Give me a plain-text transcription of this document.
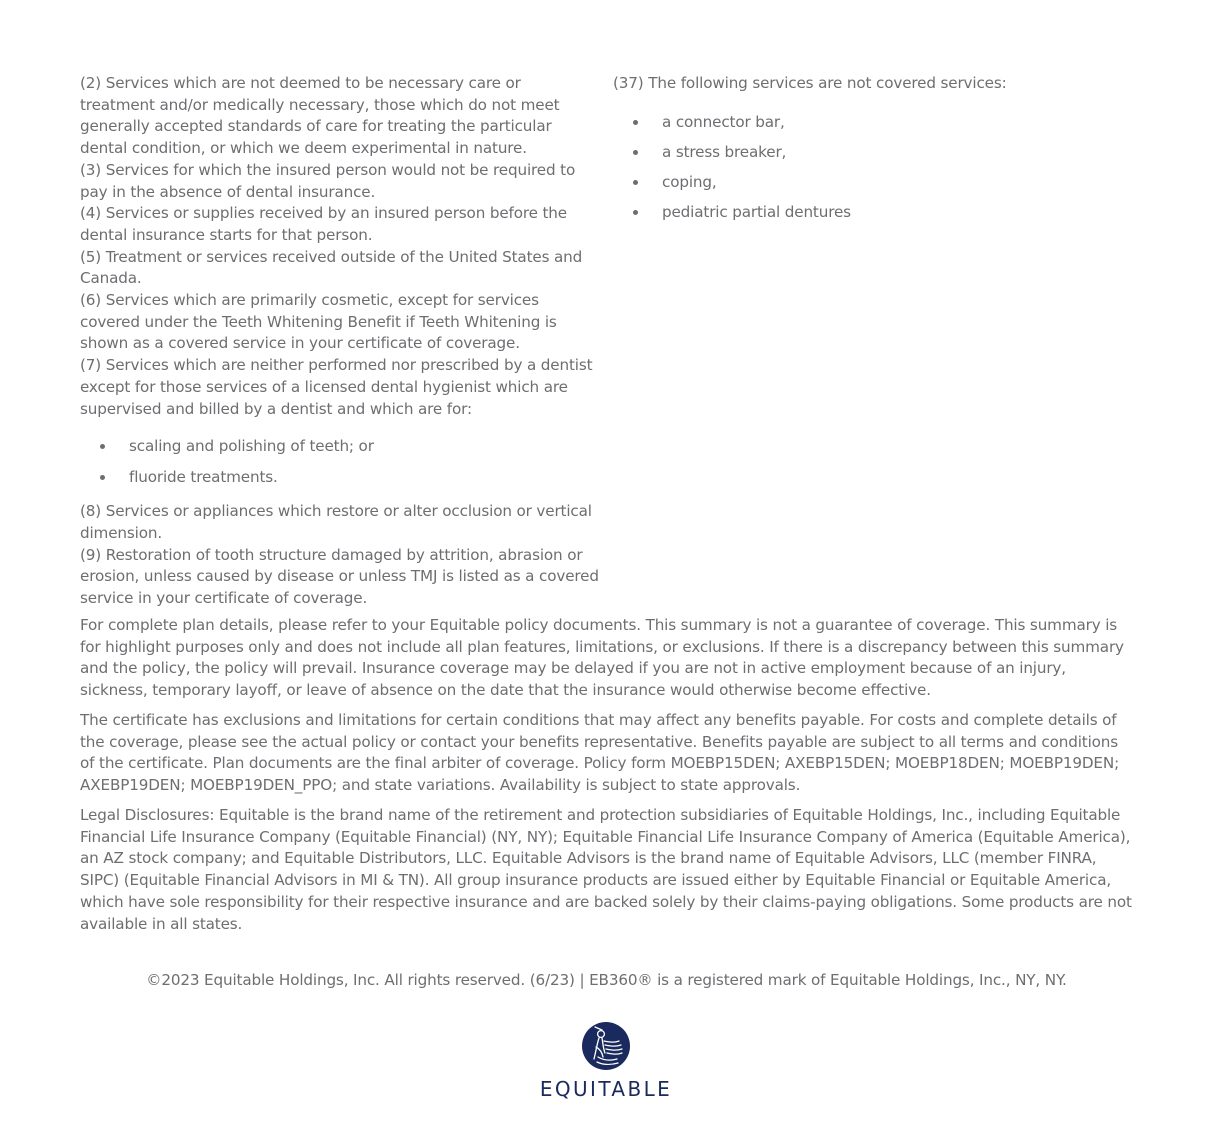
(2) Services which are not deemed to be necessary care or treatment and/or medically necessary, those which do not meet generally accepted standards of care for treating the particular dental condition, or which we deem experimental in nature.

(3) Services for which the insured person would not be required to pay in the absence of dental insurance.

(4) Services or supplies received by an insured person before the dental insurance starts for that person.

(5) Treatment or services received outside of the United States and Canada.

(6) Services which are primarily cosmetic, except for services covered under the Teeth Whitening Benefit if Teeth Whitening is shown as a covered service in your certificate of coverage.

(7) Services which are neither performed nor prescribed by a dentist except for those services of a licensed dental hygienist which are supervised and billed by a dentist and which are for:

scaling and polishing of teeth; or
fluoride treatments.

(8) Services or appliances which restore or alter occlusion or vertical dimension.

(9) Restoration of tooth structure damaged by attrition, abrasion or erosion, unless caused by disease or unless TMJ is listed as a covered service in your certificate of coverage.

(37) The following services are not covered services:

a connector bar,
a stress breaker,
coping,
pediatric partial dentures

For complete plan details, please refer to your Equitable policy documents. This summary is not a guarantee of coverage. This summary is for highlight purposes only and does not include all plan features, limitations, or exclusions. If there is a discrepancy between this summary and the policy, the policy will prevail. Insurance coverage may be delayed if you are not in active employment because of an injury, sickness, temporary layoff, or leave of absence on the date that the insurance would otherwise become effective.

The certificate has exclusions and limitations for certain conditions that may affect any benefits payable. For costs and complete details of the coverage, please see the actual policy or contact your benefits representative. Benefits payable are subject to all terms and conditions of the certificate. Plan documents are the final arbiter of coverage. Policy form MOEBP15DEN; AXEBP15DEN; MOEBP18DEN; MOEBP19DEN; AXEBP19DEN; MOEBP19DEN_PPO; and state variations. Availability is subject to state approvals.

Legal Disclosures: Equitable is the brand name of the retirement and protection subsidiaries of Equitable Holdings, Inc., including Equitable Financial Life Insurance Company (Equitable Financial) (NY, NY); Equitable Financial Life Insurance Company of America (Equitable America), an AZ stock company; and Equitable Distributors, LLC. Equitable Advisors is the brand name of Equitable Advisors, LLC (member FINRA, SIPC) (Equitable Financial Advisors in MI & TN). All group insurance products are issued either by Equitable Financial or Equitable America, which have sole responsibility for their respective insurance and are backed solely by their claims-paying obligations. Some products are not available in all states.

©2023 Equitable Holdings, Inc. All rights reserved. (6/23) | EB360® is a registered mark of Equitable Holdings, Inc., NY, NY.
EQUITABLE
